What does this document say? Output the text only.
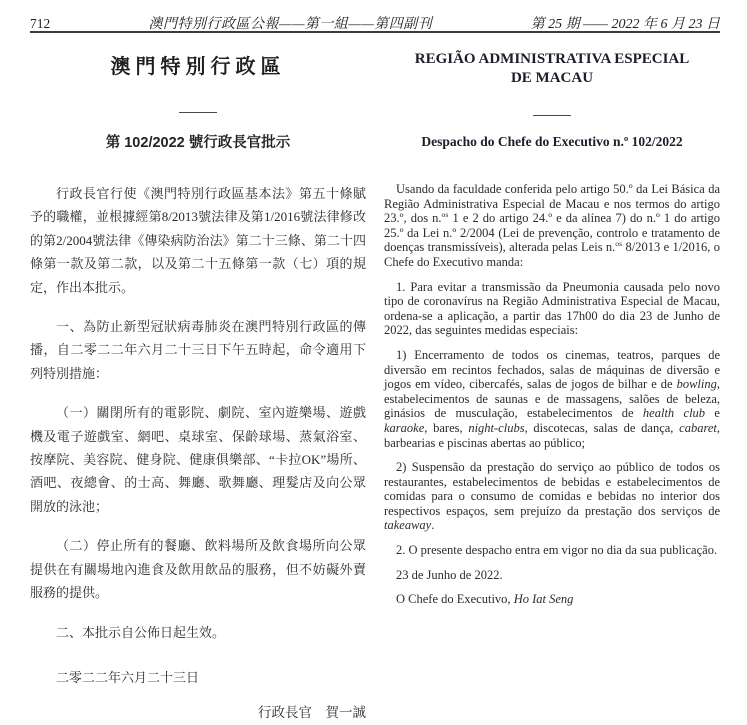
712	澳門特別行政區公報——第一組——第四副刊	第 25 期 —— 2022 年 6 月 23 日
澳門特別行政區
第 102/2022 號行政長官批示

行政長官行使《澳門特別行政區基本法》第五十條賦予的職權，並根據經第8/2013號法律及第1/2016號法律修改的第2/2004號法律《傳染病防治法》第二十三條、第二十四條第一款及第二款，以及第二十五條第一款（七）項的規定，作出本批示。

一、為防止新型冠狀病毒肺炎在澳門特別行政區的傳播，自二零二二年六月二十三日下午五時起，命令適用下列特別措施：

（一）關閉所有的電影院、劇院、室內遊樂場、遊戲機及電子遊戲室、網吧、桌球室、保齡球場、蒸氣浴室、按摩院、美容院、健身院、健康俱樂部、“卡拉OK”場所、酒吧、夜總會、的士高、舞廳、歌舞廳、理髮店及向公眾開放的泳池；

（二）停止所有的餐廳、飲料場所及飲食場所向公眾提供在有關場地內進食及飲用飲品的服務，但不妨礙外賣服務的提供。

二、本批示自公佈日起生效。

二零二二年六月二十三日

行政長官　賀一誠

REGIÃO ADMINISTRATIVA ESPECIAL
DE MACAU
Despacho do Chefe do Executivo n.º 102/2022

Usando da faculdade conferida pelo artigo 50.º da Lei Básica da Região Administrativa Especial de Macau e nos termos do artigo 23.º, dos n.$^{os}$ 1 e 2 do artigo 24.º e da alínea 7) do n.º 1 do artigo 25.º da Lei n.º 2/2004 (Lei de prevenção, controlo e tratamento de doenças transmissíveis), alterada pelas Leis n.$^{os}$ 8/2013 e 1/2016, o Chefe do Executivo manda:

1. Para evitar a transmissão da Pneumonia causada pelo novo tipo de coronavírus na Região Administrativa Especial de Macau, ordena-se a aplicação, a partir das 17h00 do dia 23 de Junho de 2022, das seguintes medidas especiais:

1) Encerramento de todos os cinemas, teatros, parques de diversão em recintos fechados, salas de máquinas de diversão e jogos em vídeo, cibercafés, salas de jogos de bilhar e de bowling, estabelecimentos de saunas e de massagens, salões de beleza, ginásios de musculação, estabelecimentos de health club e karaoke, bares, night-clubs, discotecas, salas de dança, cabaret, barbearias e piscinas abertas ao público;

2) Suspensão da prestação do serviço ao público de todos os restaurantes, estabelecimentos de bebidas e estabelecimentos de comidas para o consumo de comidas e bebidas no interior dos respectivos espaços, sem prejuízo da prestação dos serviços de takeaway.

2. O presente despacho entra em vigor no dia da sua publicação.

23 de Junho de 2022.

O Chefe do Executivo, Ho Iat Seng
